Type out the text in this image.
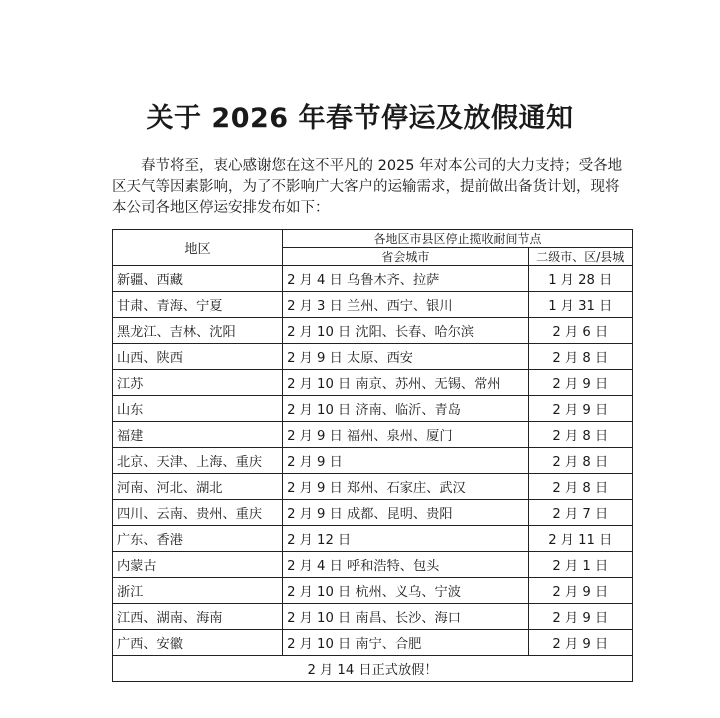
关于 2026 年春节停运及放假通知

春节将至，衷心感谢您在这不平凡的 2025 年对本公司的大力支持；受各地

区天气等因素影响，为了不影响广大客户的运输需求，提前做出备货计划，现将

本公司各地区停运安排发布如下：

地区	各地区市县区停止揽收耐间节点	
	省会城市	二级市、区/县城
新疆、西藏	2 月 4 日 乌鲁木齐、拉萨	1 月 28 日
甘肃、青海、宁夏	2 月 3 日 兰州、西宁、银川	1 月 31 日
黑龙江、吉林、沈阳	2 月 10 日 沈阳、长春、哈尔滨	2 月 6 日
山西、陕西	2 月 9 日 太原、西安	2 月 8 日
江苏	2 月 10 日 南京、苏州、无锡、常州	2 月 9 日
山东	2 月 10 日 济南、临沂、青岛	2 月 9 日
福建	2 月 9 日 福州、泉州、厦门	2 月 8 日
北京、天津、上海、重庆	2 月 9 日	2 月 8 日
河南、河北、湖北	2 月 9 日 郑州、石家庄、武汉	2 月 8 日
四川、云南、贵州、重庆	2 月 9 日 成都、昆明、贵阳	2 月 7 日
广东、香港	2 月 12 日	2 月 11 日
内蒙古	2 月 4 日 呼和浩特、包头	2 月 1 日
浙江	2 月 10 日 杭州、义乌、宁波	2 月 9 日
江西、湖南、海南	2 月 10 日 南昌、长沙、海口	2 月 9 日
广西、安徽	2 月 10 日 南宁、合肥	2 月 9 日
2 月 14 日正式放假！		
